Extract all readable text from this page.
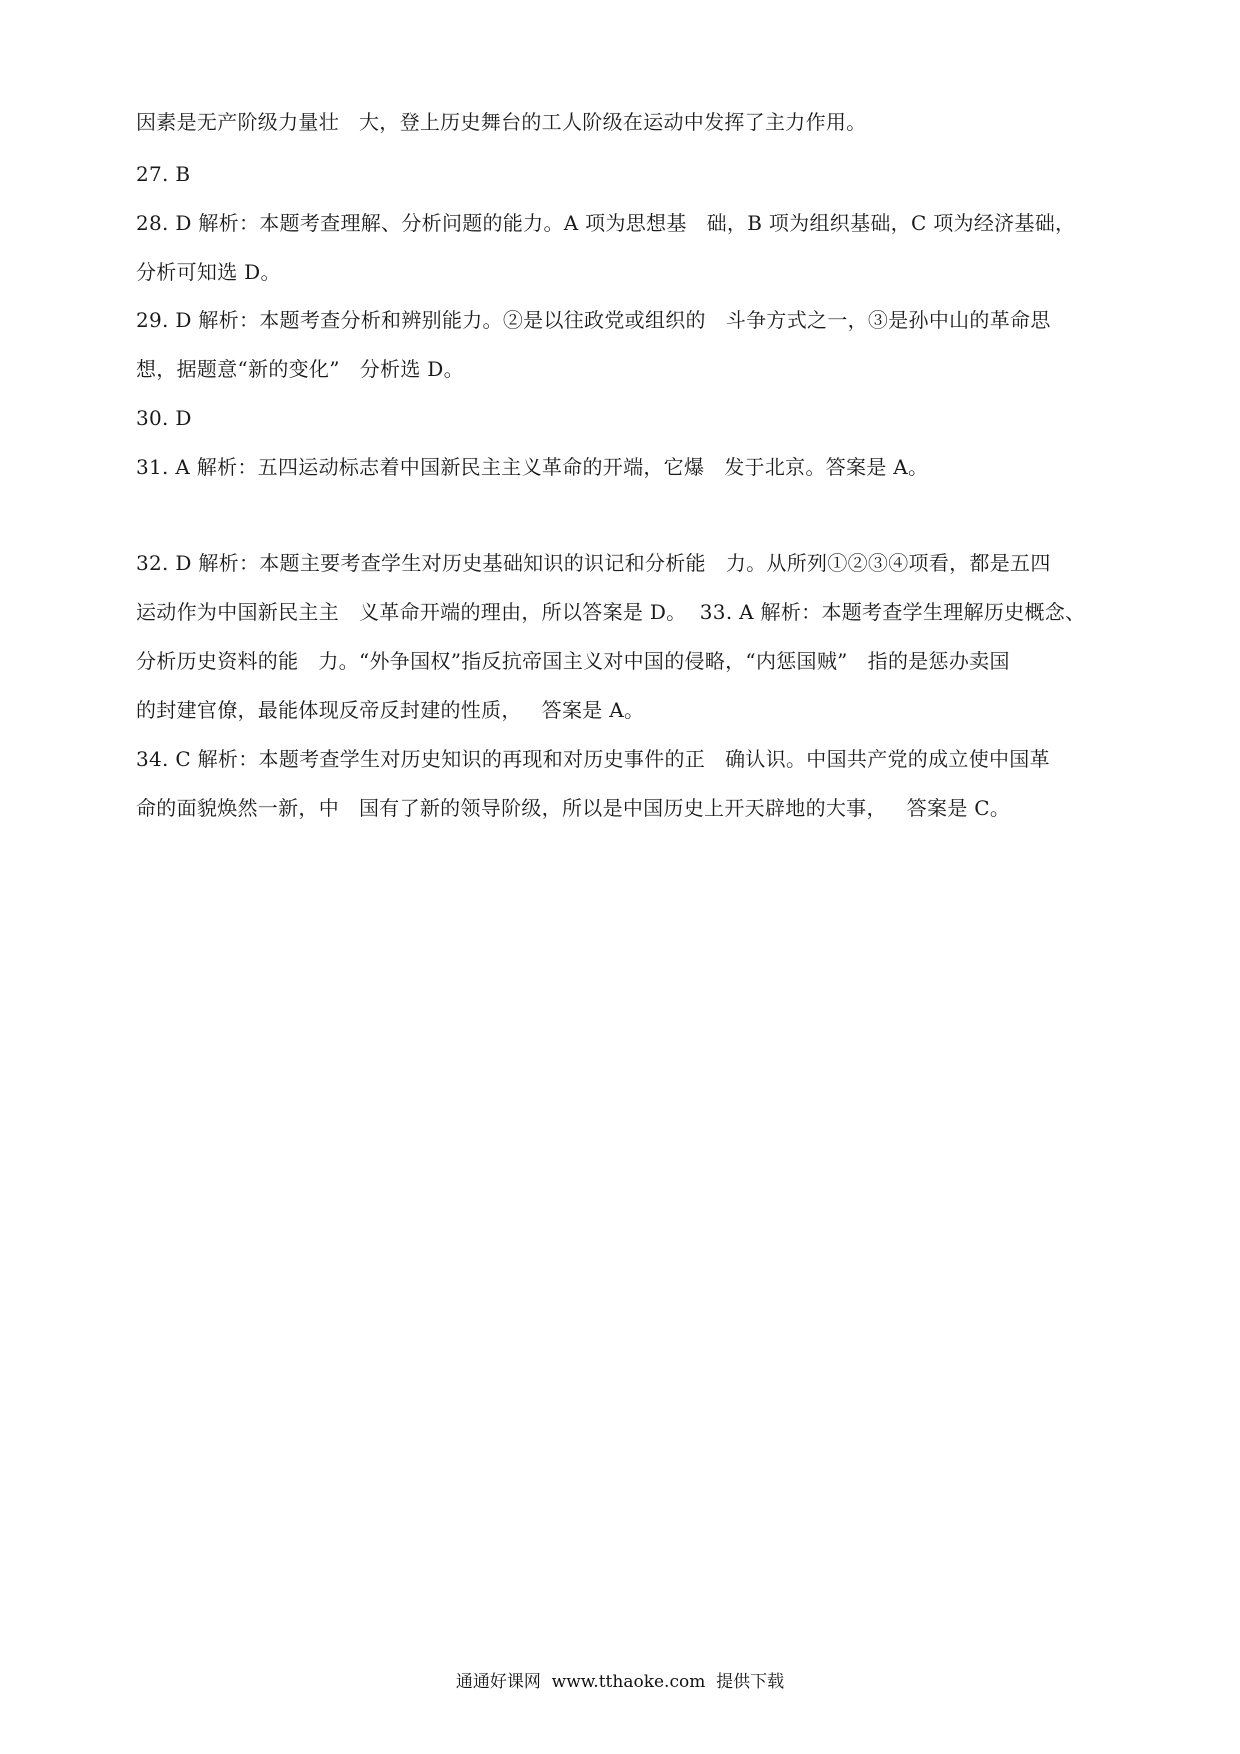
因素是无产阶级力量壮   大，登上历史舞台的工人阶级在运动中发挥了主力作用。
27. B
28. D 解析：本题考查理解、分析问题的能力。A 项为思想基   础，B 项为组织基础，C 项为经济基础，
分析可知选 D。
29. D 解析：本题考查分析和辨别能力。②是以往政党或组织的   斗争方式之一，③是孙中山的革命思
想，据题意“新的变化”   分析选 D。
30. D
31. A 解析：五四运动标志着中国新民主主义革命的开端，它爆   发于北京。答案是 A。
32. D 解析：本题主要考查学生对历史基础知识的识记和分析能   力。从所列①②③④项看，都是五四
运动作为中国新民主主   义革命开端的理由，所以答案是 D。  33. A 解析：本题考查学生理解历史概念、
分析历史资料的能   力。“外争国权”指反抗帝国主义对中国的侵略，“内惩国贼”   指的是惩办卖国
的封建官僚，最能体现反帝反封建的性质，   答案是 A。
34. C 解析：本题考查学生对历史知识的再现和对历史事件的正   确认识。中国共产党的成立使中国革
命的面貌焕然一新，中   国有了新的领导阶级，所以是中国历史上开天辟地的大事，   答案是 C。
通通好课网  www.tthaoke.com  提供下载
